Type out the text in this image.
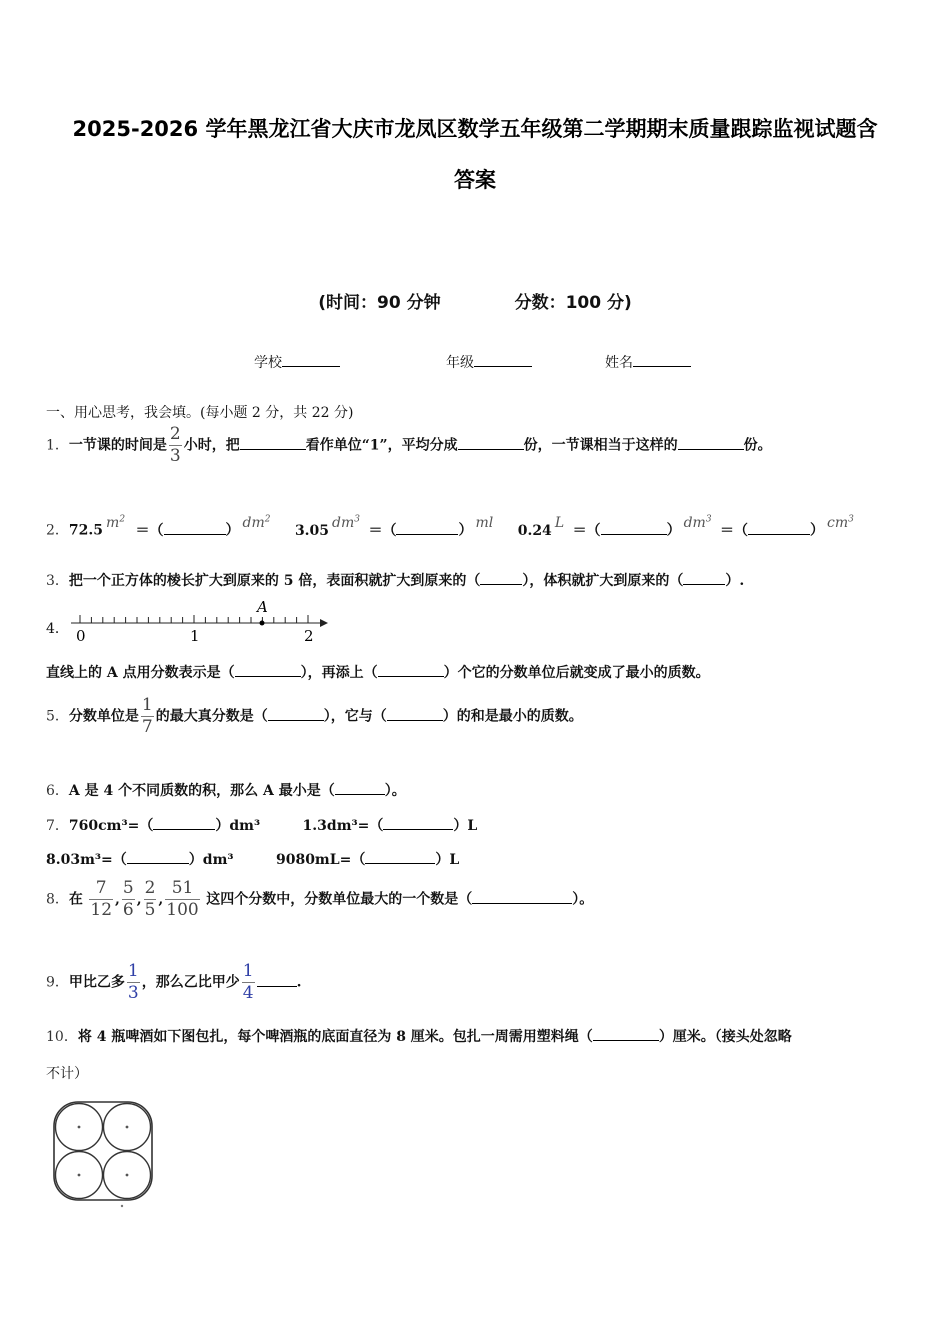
2025-2026 学年黑龙江省大庆市龙凤区数学五年级第二学期期末质量跟踪监视试题含
答案
(时间：90 分钟	分数：100 分)
学校	年级	姓名
一、用心思考，我会填。(每小题 2 分，共 22 分)
1．一节课的时间是 $\frac{2}{3}$ 小时，把	看作单位“1”，平均分成	份，一节课相当于这样的	份。
2．72.5 $m^2$ ＝（	） $dm^2$ 3.05 $dm^3$ ＝（	） ml 0.24 L ＝（	） $dm^3$ ＝（	） $cm^3$
3．把一个正方体的棱长扩大到原来的 5 倍，表面积就扩大到原来的（	），体积就扩大到原来的（	）.
4．
A
0	1	2
直线上的 A 点用分数表示是（	），再添上（	）个它的分数单位后就变成了最小的质数。
5．分数单位是 $\frac{1}{7}$ 的最大真分数是（	），它与（	）的和是最小的质数。
6．A 是 4 个不同质数的积，那么 A 最小是（	）。
7．760cm³=（	）dm³	1.3dm³=（	）L
8.03m³=（	）dm³	9080mL=（	）L
8．在 $\frac{7}{12}$ , $\frac{5}{6}$ , $\frac{2}{5}$ , $\frac{51}{100}$ 这四个分数中，分数单位最大的一个数是（	）。
9．甲比乙多 $\frac{1}{3}$ ，那么乙比甲少 $\frac{1}{4}$	.
10．将 4 瓶啤酒如下图包扎，每个啤酒瓶的底面直径为 8 厘米。包扎一周需用塑料绳（	）厘米。（接头处忽略
不计）
